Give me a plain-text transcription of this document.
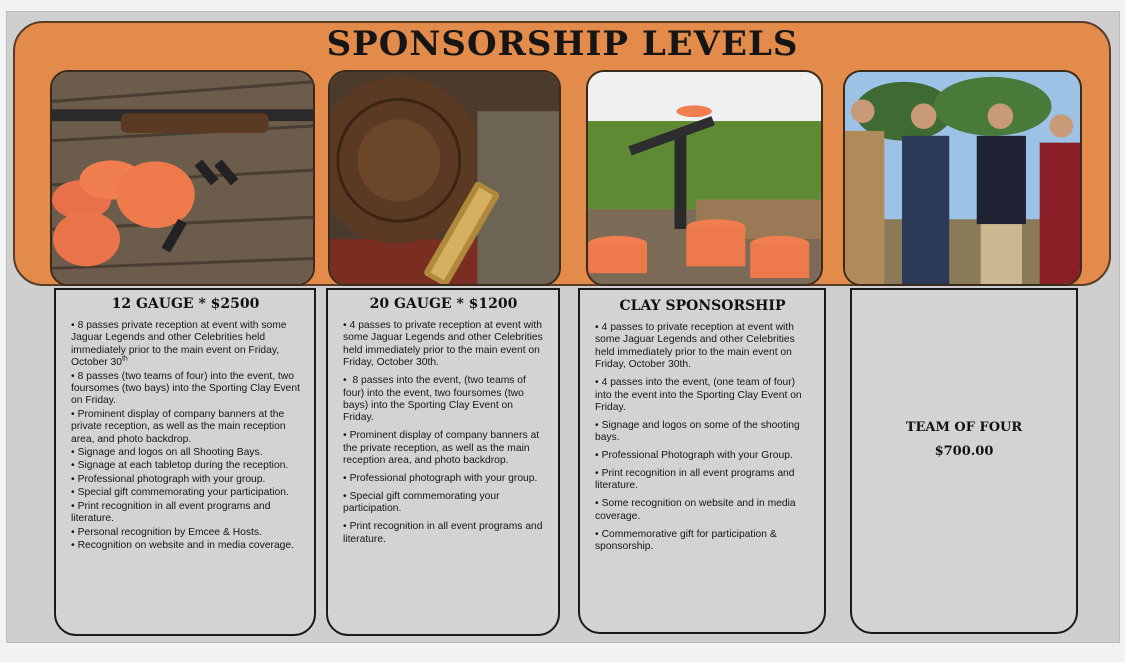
SPONSORSHIP LEVELS
12 GAUGE * $2500
• 8 passes private reception at event with some Jaguar Legends and other Celebrities held immediately prior to the main event on Friday, October 30th
• 8 passes (two teams of four) into the event, two foursomes (two bays) into the Sporting Clay Event on Friday.
• Prominent display of company banners at the private reception, as well as the main reception area, and photo backdrop.
• Signage and logos on all Shooting Bays.
• Signage at each tabletop during the reception.
• Professional photograph with your group.
• Special gift commemorating your participation.
• Print recognition in all event programs and literature.
• Personal recognition by Emcee & Hosts.
• Recognition on website and in media coverage.
20 GAUGE * $1200
• 4 passes to private reception at event with some Jaguar Legends and other Celebrities held immediately prior to the main event on Friday, October 30th.
• 8 passes into the event, (two teams of four) into the event, two foursomes (two bays) into the Sporting Clay Event on Friday.
• Prominent display of company banners at the private reception, as well as the main reception area, and photo backdrop.
• Professional photograph with your group.
• Special gift commemorating your participation.
• Print recognition in all event programs and literature.
CLAY SPONSORSHIP
• 4 passes to private reception at event with some Jaguar Legends and other Celebrities held immediately prior to the main event on Friday, October 30th.
• 4 passes into the event, (one team of four) into the event into the Sporting Clay Event on Friday.
• Signage and logos on some of the shooting bays.
• Professional Photograph with your Group.
• Print recognition in all event programs and literature.
• Some recognition on website and in media coverage.
• Commemorative gift for participation & sponsorship.
TEAM OF FOUR
$700.00
